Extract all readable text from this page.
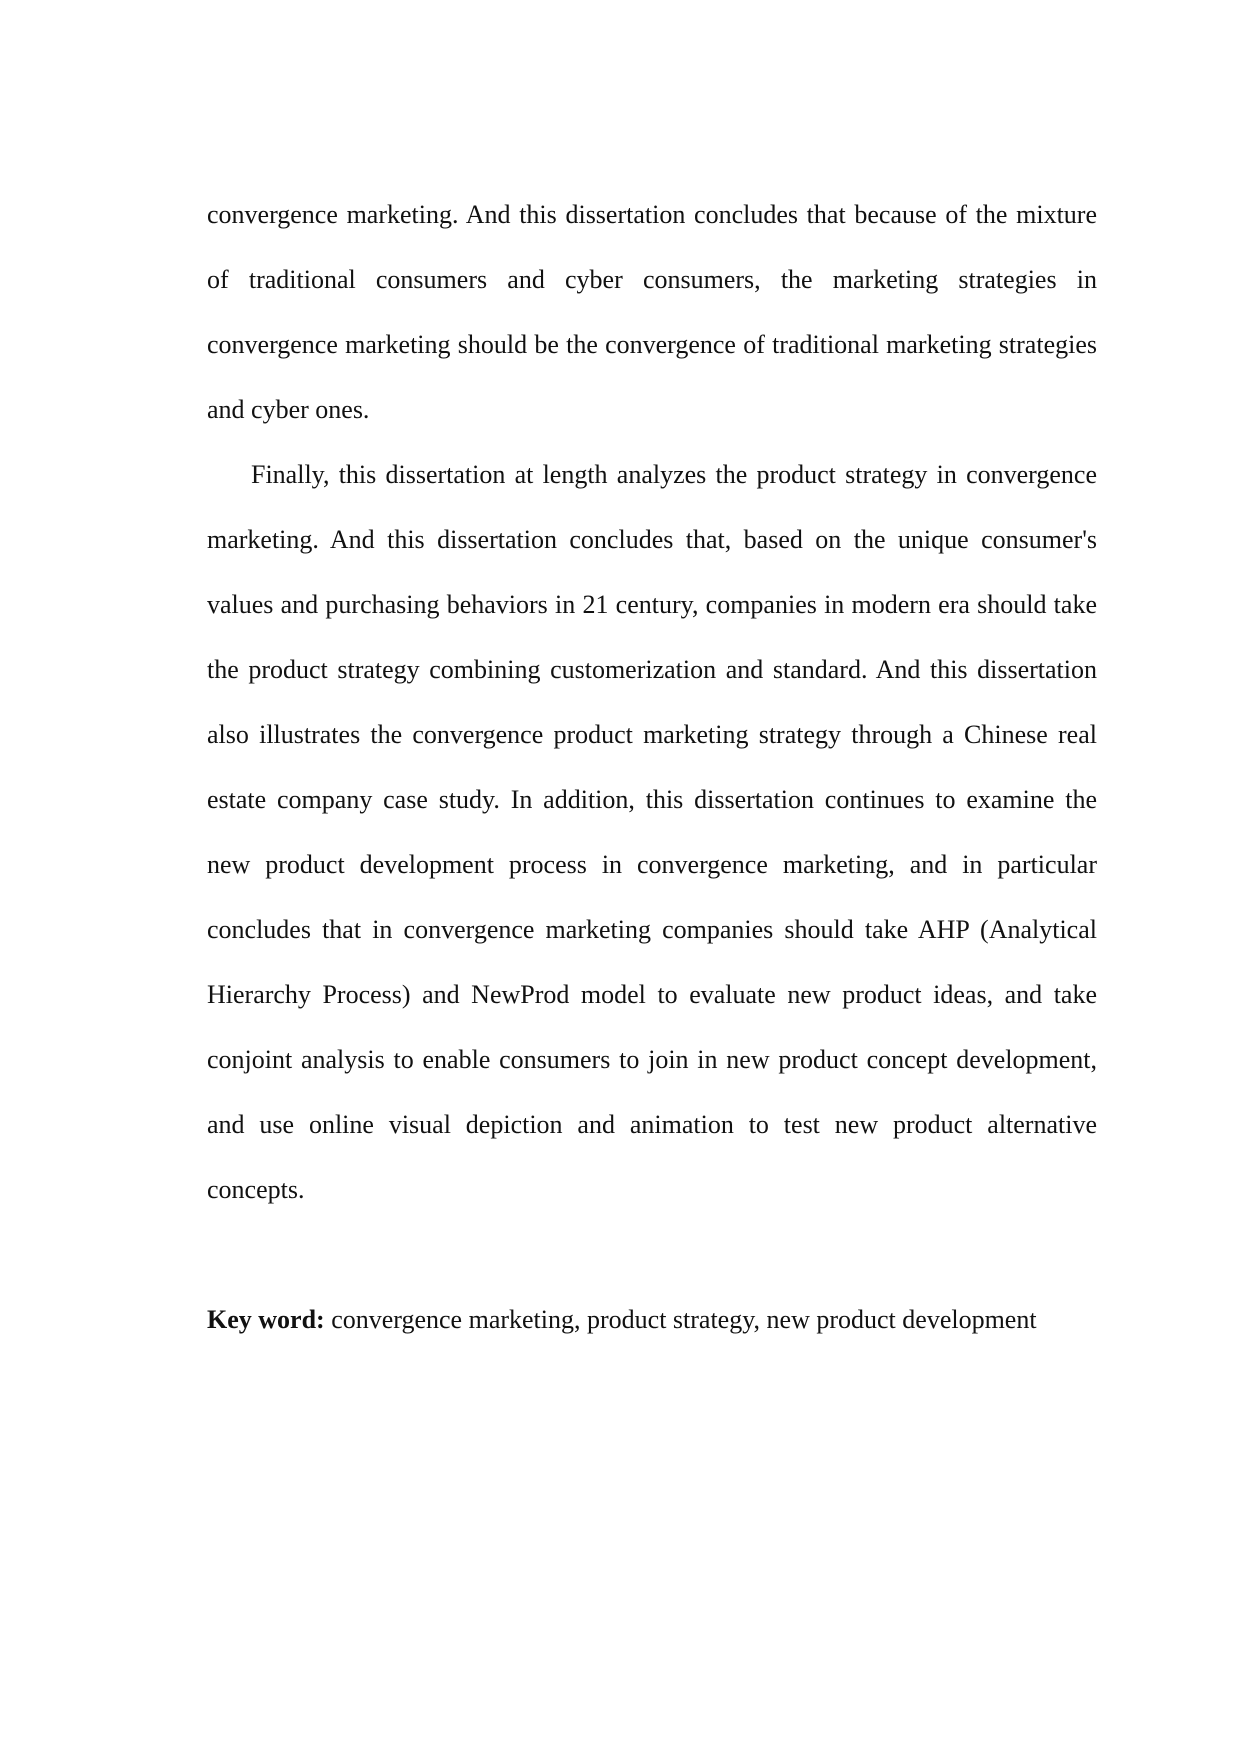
convergence marketing. And this dissertation concludes that because of the mixture of traditional consumers and cyber consumers, the marketing strategies in convergence marketing should be the convergence of traditional marketing strategies and cyber ones.

Finally, this dissertation at length analyzes the product strategy in convergence marketing. And this dissertation concludes that, based on the unique consumer's values and purchasing behaviors in 21 century, companies in modern era should take the product strategy combining customerization and standard. And this dissertation also illustrates the convergence product marketing strategy through a Chinese real estate company case study. In addition, this dissertation continues to examine the new product development process in convergence marketing, and in particular concludes that in convergence marketing companies should take AHP (Analytical Hierarchy Process) and NewProd model to evaluate new product ideas, and take conjoint analysis to enable consumers to join in new product concept development, and use online visual depiction and animation to test new product alternative concepts.

Key word: convergence marketing, product strategy, new product development
